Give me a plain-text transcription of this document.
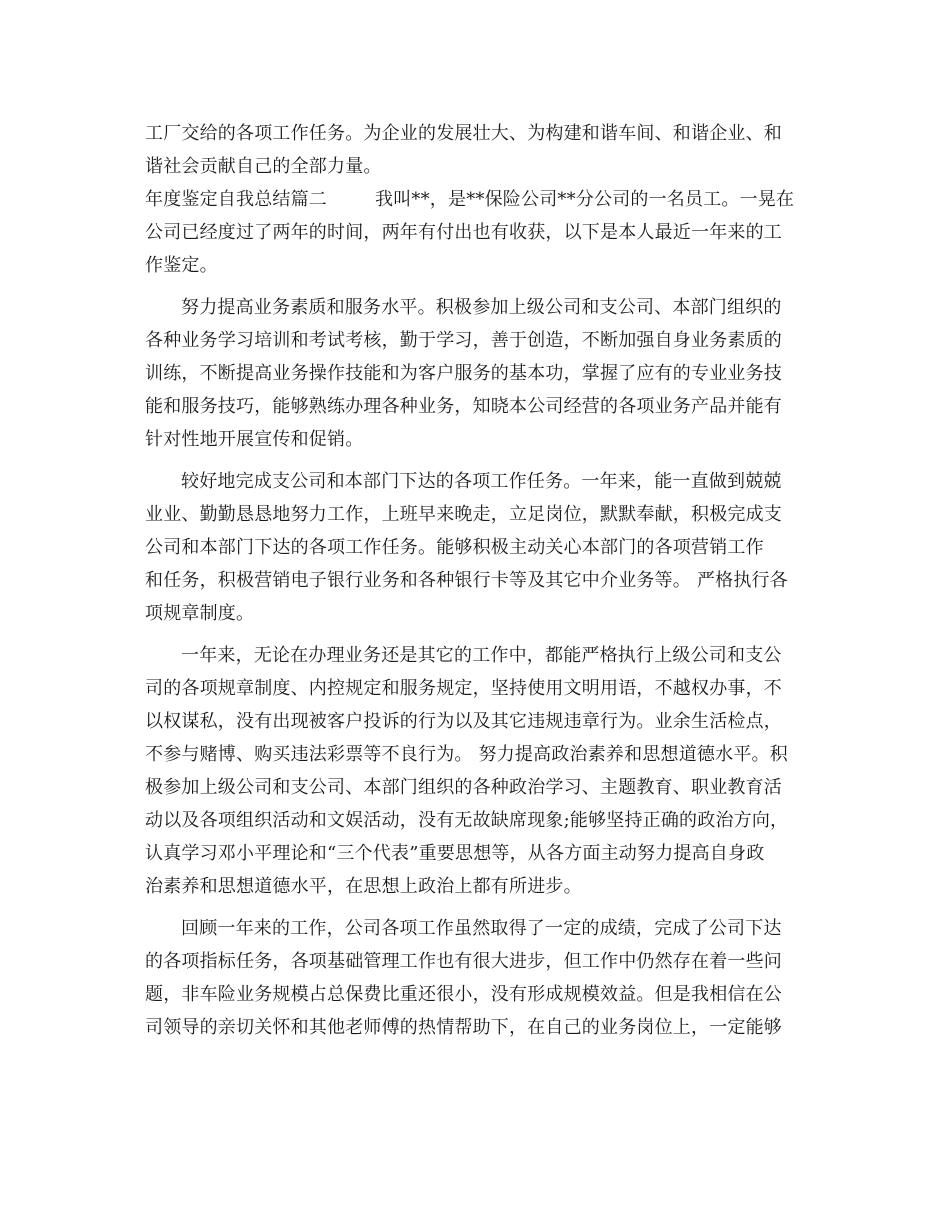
工厂交给的各项工作任务。为企业的发展壮大、为构建和谐车间、和谐企业、和
谐社会贡献自己的全部力量。
年度鉴定自我总结篇二	我叫**，是**保险公司**分公司的一名员工。一晃在
公司已经度过了两年的时间，两年有付出也有收获，以下是本人最近一年来的工
作鉴定。
努力提高业务素质和服务水平。积极参加上级公司和支公司、本部门组织的
各种业务学习培训和考试考核，勤于学习，善于创造，不断加强自身业务素质的
训练，不断提高业务操作技能和为客户服务的基本功，掌握了应有的专业业务技
能和服务技巧，能够熟练办理各种业务，知晓本公司经营的各项业务产品并能有
针对性地开展宣传和促销。
较好地完成支公司和本部门下达的各项工作任务。一年来，能一直做到兢兢
业业、勤勤恳恳地努力工作，上班早来晚走，立足岗位，默默奉献，积极完成支
公司和本部门下达的各项工作任务。能够积极主动关心本部门的各项营销工作
和任务，积极营销电子银行业务和各种银行卡等及其它中介业务等。 严格执行各
项规章制度。
一年来，无论在办理业务还是其它的工作中，都能严格执行上级公司和支公
司的各项规章制度、内控规定和服务规定，坚持使用文明用语，不越权办事，不
以权谋私，没有出现被客户投诉的行为以及其它违规违章行为。业余生活检点，
不参与赌博、购买违法彩票等不良行为。 努力提高政治素养和思想道德水平。积
极参加上级公司和支公司、本部门组织的各种政治学习、主题教育、职业教育活
动以及各项组织活动和文娱活动，没有无故缺席现象;能够坚持正确的政治方向，
认真学习邓小平理论和“三个代表”重要思想等，从各方面主动努力提高自身政
治素养和思想道德水平，在思想上政治上都有所进步。
回顾一年来的工作，公司各项工作虽然取得了一定的成绩，完成了公司下达
的各项指标任务，各项基础管理工作也有很大进步，但工作中仍然存在着一些问
题，非车险业务规模占总保费比重还很小，没有形成规模效益。但是我相信在公
司领导的亲切关怀和其他老师傅的热情帮助下，在自己的业务岗位上，一定能够
